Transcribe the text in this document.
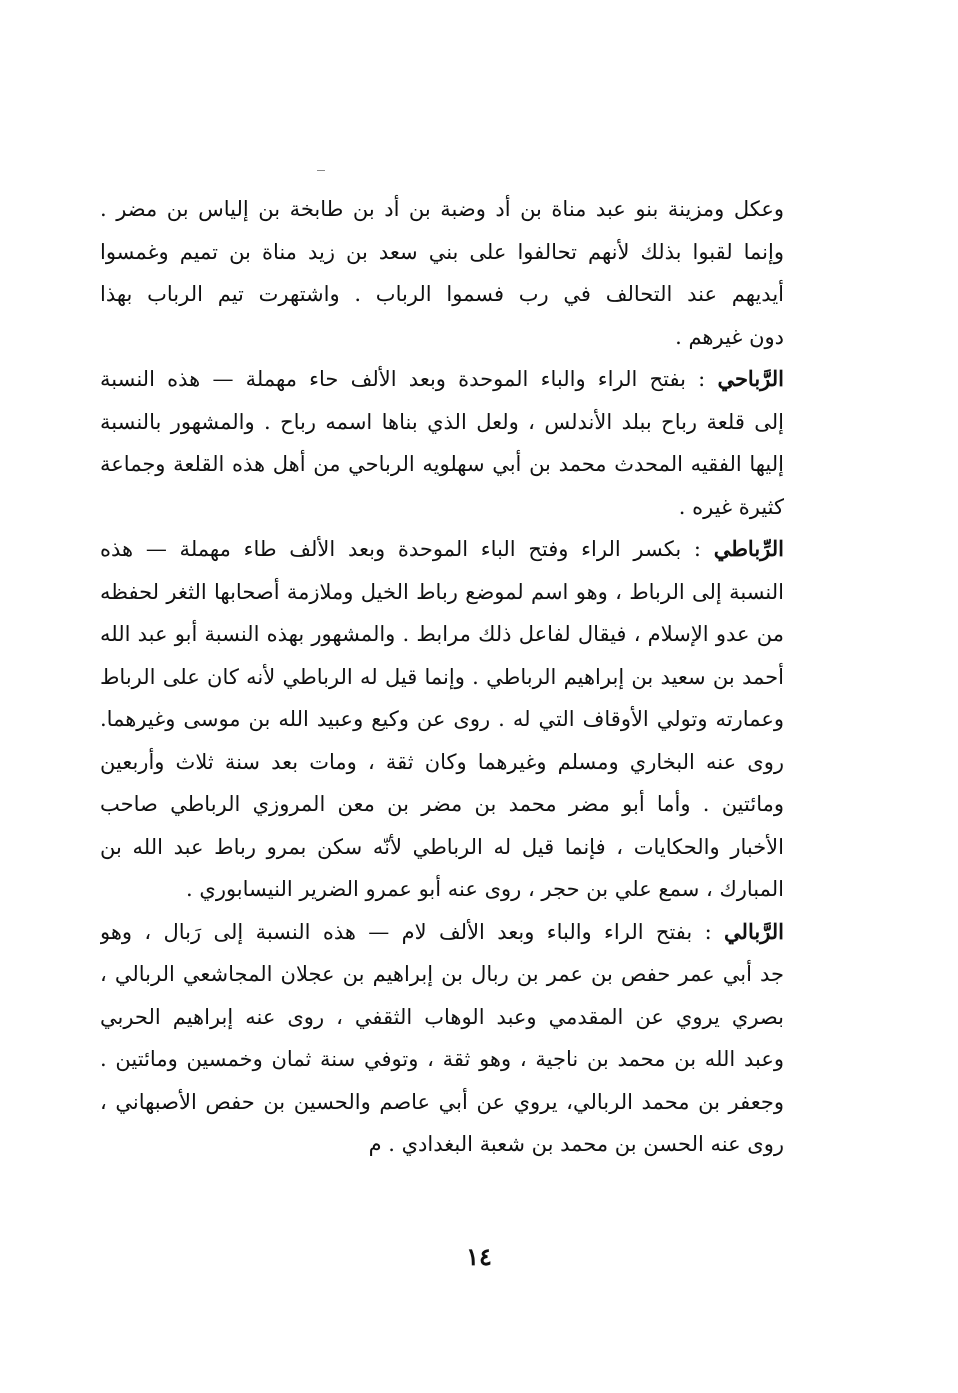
وعكل ومزينة بنو عبد مناة بن أد وضبة بن أد بن طابخة بن إلياس بن مضر .
وإنما لقبوا بذلك لأنهم تحالفوا على بني سعد بن زيد مناة بن تميم وغمسوا
أيديهم عند التحالف في رب فسموا الرباب . واشتهرت تيم الرباب بهذا
دون غيرهم .
الرَّباحي : بفتح الراء والباء الموحدة وبعد الألف حاء مهملة — هذه النسبة
إلى قلعة رباح ببلد الأندلس ، ولعل الذي بناها اسمه رباح . والمشهور بالنسبة
إليها الفقيه المحدث محمد بن أبي سهلويه الرباحي من أهل هذه القلعة وجماعة
كثيرة غيره .
الرِّباطي : بكسر الراء وفتح الباء الموحدة وبعد الألف طاء مهملة — هذه
النسبة إلى الرباط ، وهو اسم لموضع رباط الخيل وملازمة أصحابها الثغر لحفظه
من عدو الإسلام ، فيقال لفاعل ذلك مرابط . والمشهور بهذه النسبة أبو عبد الله
أحمد بن سعيد بن إبراهيم الرباطي . وإنما قيل له الرباطي لأنه كان على الرباط
وعمارته وتولي الأوقاف التي له . روى عن وكيع وعبيد الله بن موسى وغيرهما.
روى عنه البخاري ومسلم وغيرهما وكان ثقة ، ومات بعد سنة ثلاث وأربعين
ومائتين . وأما أبو مضر محمد بن مضر بن معن المروزي الرباطي صاحب
الأخبار والحكايات ، فإنما قيل له الرباطي لأنّه سكن بمرو رباط عبد الله بن
المبارك ، سمع علي بن حجر ، روى عنه أبو عمرو الضرير النيسابوري .
الرَّبالي : بفتح الراء والباء وبعد الألف لام — هذه النسبة إلى رَبال ، وهو
جد أبي عمر حفص بن عمر بن ربال بن إبراهيم بن عجلان المجاشعي الربالي ،
بصري يروي عن المقدمي وعبد الوهاب الثقفي ، روى عنه إبراهيم الحربي
وعبد الله بن محمد بن ناجية ، وهو ثقة ، وتوفي سنة ثمان وخمسين ومائتين .
وجعفر بن محمد الربالي، يروي عن أبي عاصم والحسين بن حفص الأصبهاني ،
روى عنه الحسن بن محمد بن شعبة البغدادي . م
١٤
